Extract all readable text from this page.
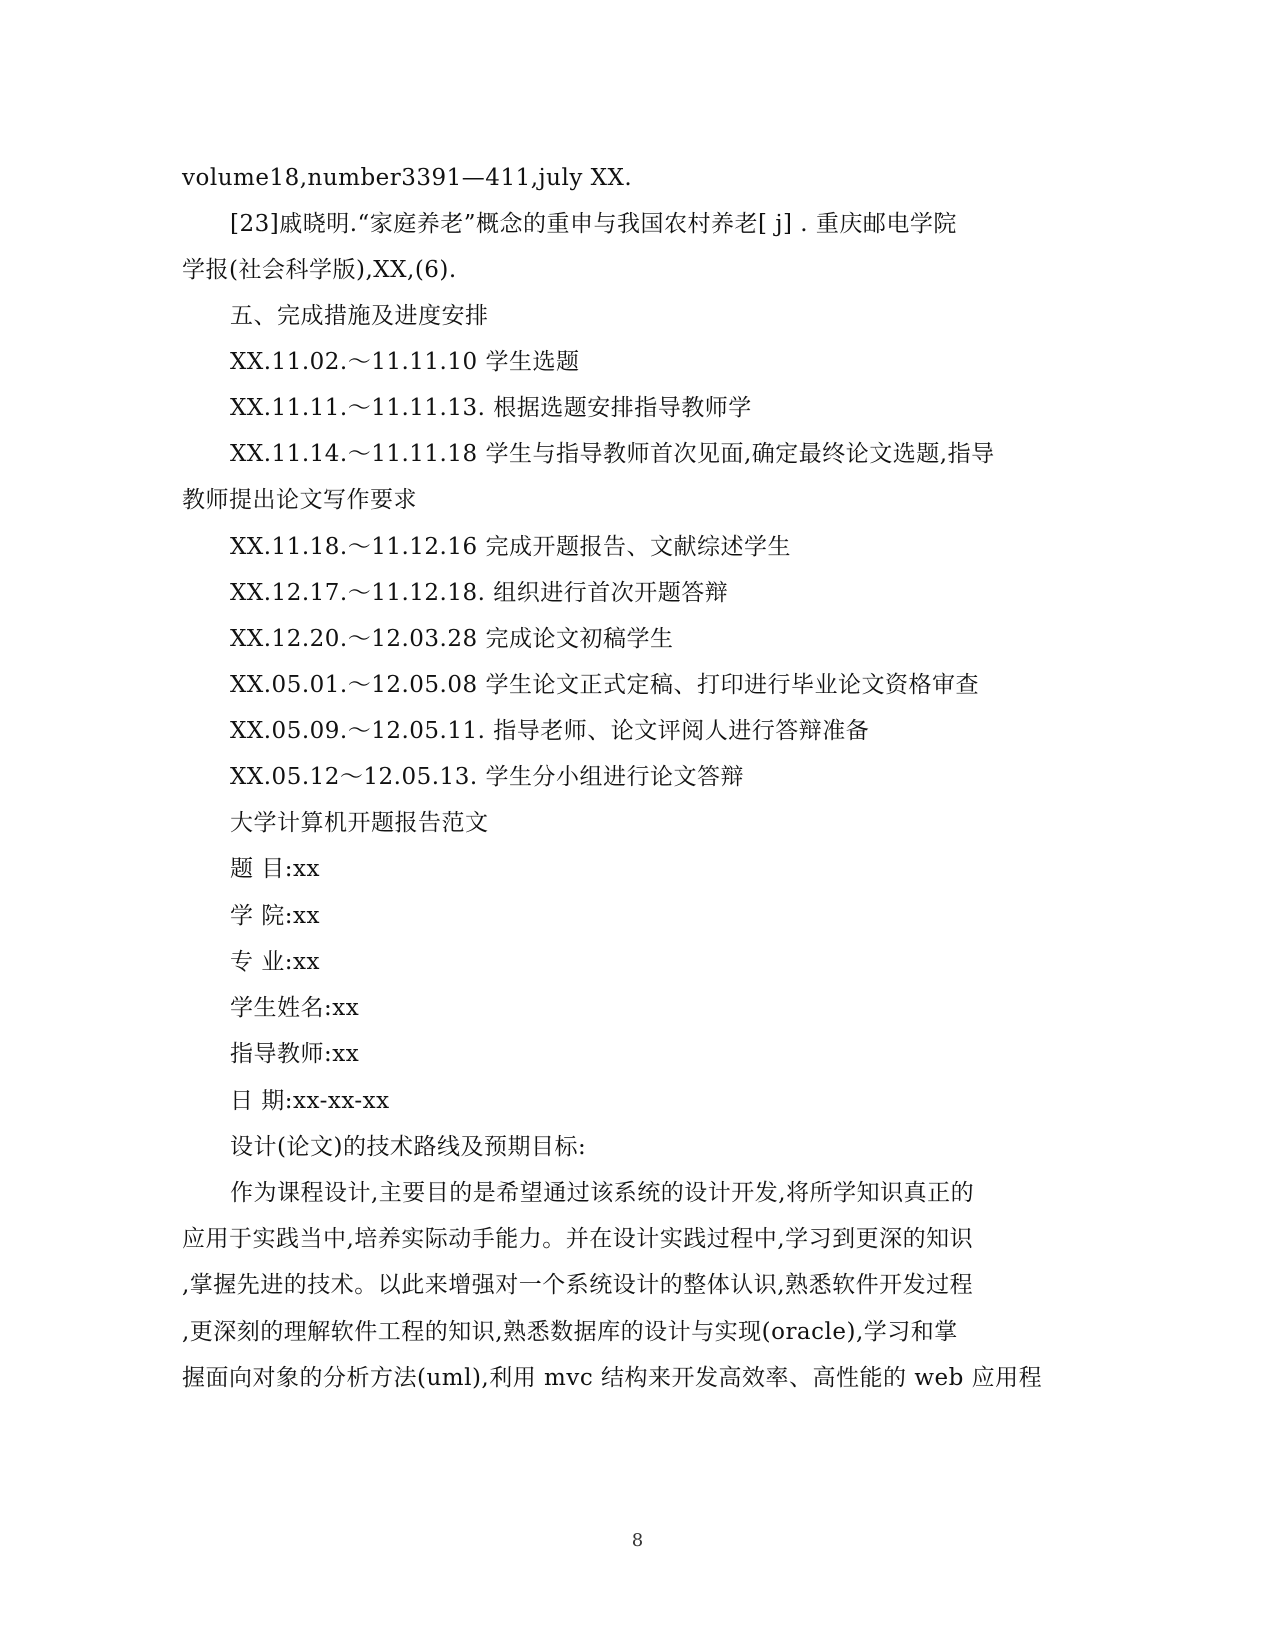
volume18,number3391—411,july XX.
[23]戚晓明.“家庭养老”概念的重申与我国农村养老[ j] . 重庆邮电学院
学报(社会科学版),XX,(6).
五、完成措施及进度安排
XX.11.02.～11.11.10 学生选题
XX.11.11.～11.11.13. 根据选题安排指导教师学
XX.11.14.～11.11.18 学生与指导教师首次见面,确定最终论文选题,指导
教师提出论文写作要求
XX.11.18.～11.12.16 完成开题报告、文献综述学生
XX.12.17.～11.12.18. 组织进行首次开题答辩
XX.12.20.～12.03.28 完成论文初稿学生
XX.05.01.～12.05.08 学生论文正式定稿、打印进行毕业论文资格审查
XX.05.09.～12.05.11. 指导老师、论文评阅人进行答辩准备
XX.05.12～12.05.13. 学生分小组进行论文答辩
大学计算机开题报告范文
题 目:xx
学 院:xx
专 业:xx
学生姓名:xx
指导教师:xx
日 期:xx-xx-xx
设计(论文)的技术路线及预期目标:
作为课程设计,主要目的是希望通过该系统的设计开发,将所学知识真正的
应用于实践当中,培养实际动手能力。并在设计实践过程中,学习到更深的知识
,掌握先进的技术。以此来增强对一个系统设计的整体认识,熟悉软件开发过程
,更深刻的理解软件工程的知识,熟悉数据库的设计与实现(oracle),学习和掌
握面向对象的分析方法(uml),利用 mvc 结构来开发高效率、高性能的 web 应用程
8
